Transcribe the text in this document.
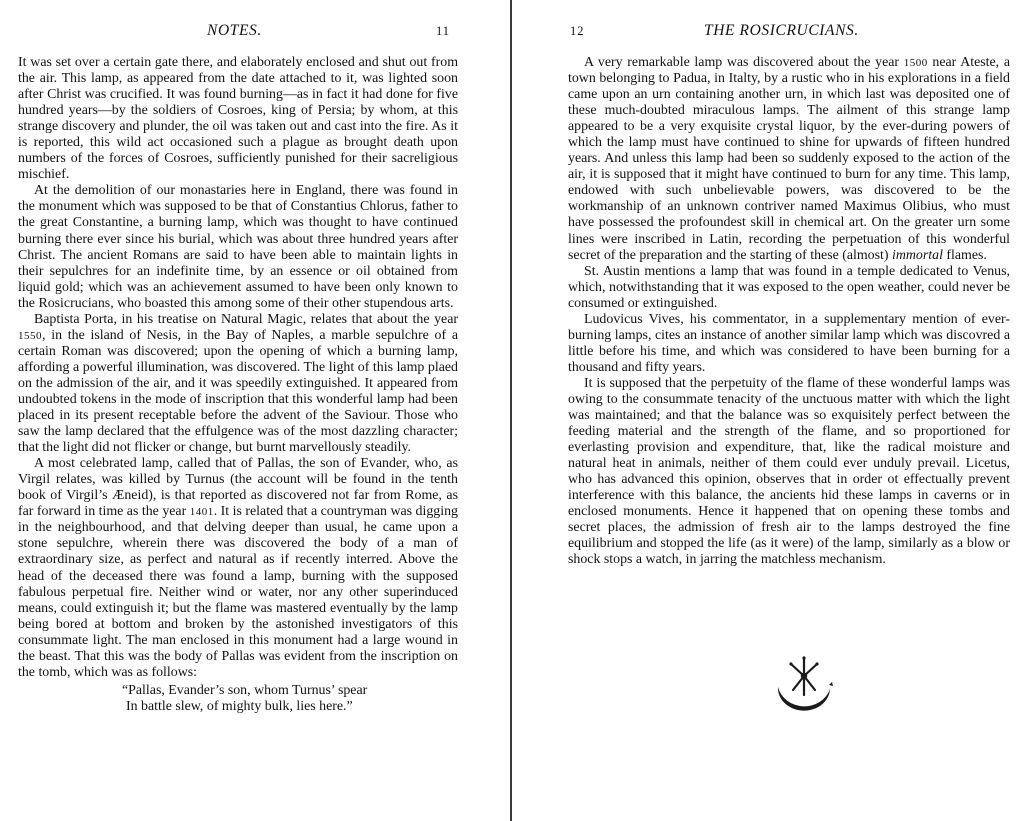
NOTES.	11

It was set over a certain gate there, and elaborately enclosed and shut out from the air. This lamp, as appeared from the date attached to it, was lighted soon after Christ was crucified. It was found burning—as in fact it had done for five hundred years—by the soldiers of Cosroes, king of Persia; by whom, at this strange discovery and plunder, the oil was taken out and cast into the fire. As it is reported, this wild act occasioned such a plague as brought death upon numbers of the forces of Cosroes, sufficiently punished for their sacreligious mischief.

At the demolition of our monastaries here in England, there was found in the monument which was supposed to be that of Constantius Chlorus, father to the great Constantine, a burning lamp, which was thought to have continued burning there ever since his burial, which was about three hundred years after Christ. The ancient Romans are said to have been able to maintain lights in their sepulchres for an indefinite time, by an essence or oil obtained from liquid gold; which was an achievement assumed to have been only known to the Rosicrucians, who boasted this among some of their other stupendous arts.

Baptista Porta, in his treatise on Natural Magic, relates that about the year 1550, in the island of Nesis, in the Bay of Naples, a marble sepulchre of a certain Roman was discovered; upon the opening of which a burning lamp, affording a powerful illumination, was discovered. The light of this lamp plaed on the admission of the air, and it was speedily extinguished. It appeared from undoubted tokens in the mode of inscription that this wonderful lamp had been placed in its present receptable before the advent of the Saviour. Those who saw the lamp declared that the effulgence was of the most dazzling character; that the light did not flicker or change, but burnt marvellously steadily.

A most celebrated lamp, called that of Pallas, the son of Evander, who, as Virgil relates, was killed by Turnus (the account will be found in the tenth book of Virgil’s Æneid), is that reported as discovered not far from Rome, as far forward in time as the year 1401. It is related that a countryman was digging in the neighbourhood, and that delving deeper than usual, he came upon a stone sepulchre, wherein there was discovered the body of a man of extraordinary size, as perfect and natural as if recently interred. Above the head of the deceased there was found a lamp, burning with the supposed fabulous perpetual fire. Neither wind or water, nor any other superinduced means, could extinguish it; but the flame was mastered eventually by the lamp being bored at bottom and broken by the astonished investigators of this consummate light. The man enclosed in this monument had a large wound in the beast. That this was the body of Pallas was evident from the inscription on the tomb, which was as follows:

“Pallas, Evander’s son, whom Turnus’ spear
In battle slew, of mighty bulk, lies here.”
12	THE ROSICRUCIANS.

A very remarkable lamp was discovered about the year 1500 near Ateste, a town belonging to Padua, in Italty, by a rustic who in his explorations in a field came upon an urn containing another urn, in which last was deposited one of these much-doubted miraculous lamps. The ailment of this strange lamp appeared to be a very exquisite crystal liquor, by the ever-during powers of which the lamp must have continued to shine for upwards of fifteen hundred years. And unless this lamp had been so suddenly exposed to the action of the air, it is supposed that it might have continued to burn for any time. This lamp, endowed with such unbelievable powers, was discovered to be the workmanship of an unknown contriver named Maximus Olibius, who must have possessed the profoundest skill in chemical art. On the greater urn some lines were inscribed in Latin, recording the perpetuation of this wonderful secret of the preparation and the starting of these (almost) immortal flames.

St. Austin mentions a lamp that was found in a temple dedicated to Venus, which, notwithstanding that it was exposed to the open weather, could never be consumed or extinguished.

Ludovicus Vives, his commentator, in a supplementary mention of ever-burning lamps, cites an instance of another similar lamp which was discovred a little before his time, and which was considered to have been burning for a thousand and fifty years.

It is supposed that the perpetuity of the flame of these wonderful lamps was owing to the consummate tenacity of the unctuous matter with which the light was maintained; and that the balance was so exquisitely perfect between the feeding material and the strength of the flame, and so proportioned for everlasting provision and expenditure, that, like the radical moisture and natural heat in animals, neither of them could ever unduly prevail. Licetus, who has advanced this opinion, observes that in order ot effectually prevent interference with this balance, the ancients hid these lamps in caverns or in enclosed monuments. Hence it happened that on opening these tombs and secret places, the admission of fresh air to the lamps destroyed the fine equilibrium and stopped the life (as it were) of the lamp, similarly as a blow or shock stops a watch, in jarring the matchless mechanism.
